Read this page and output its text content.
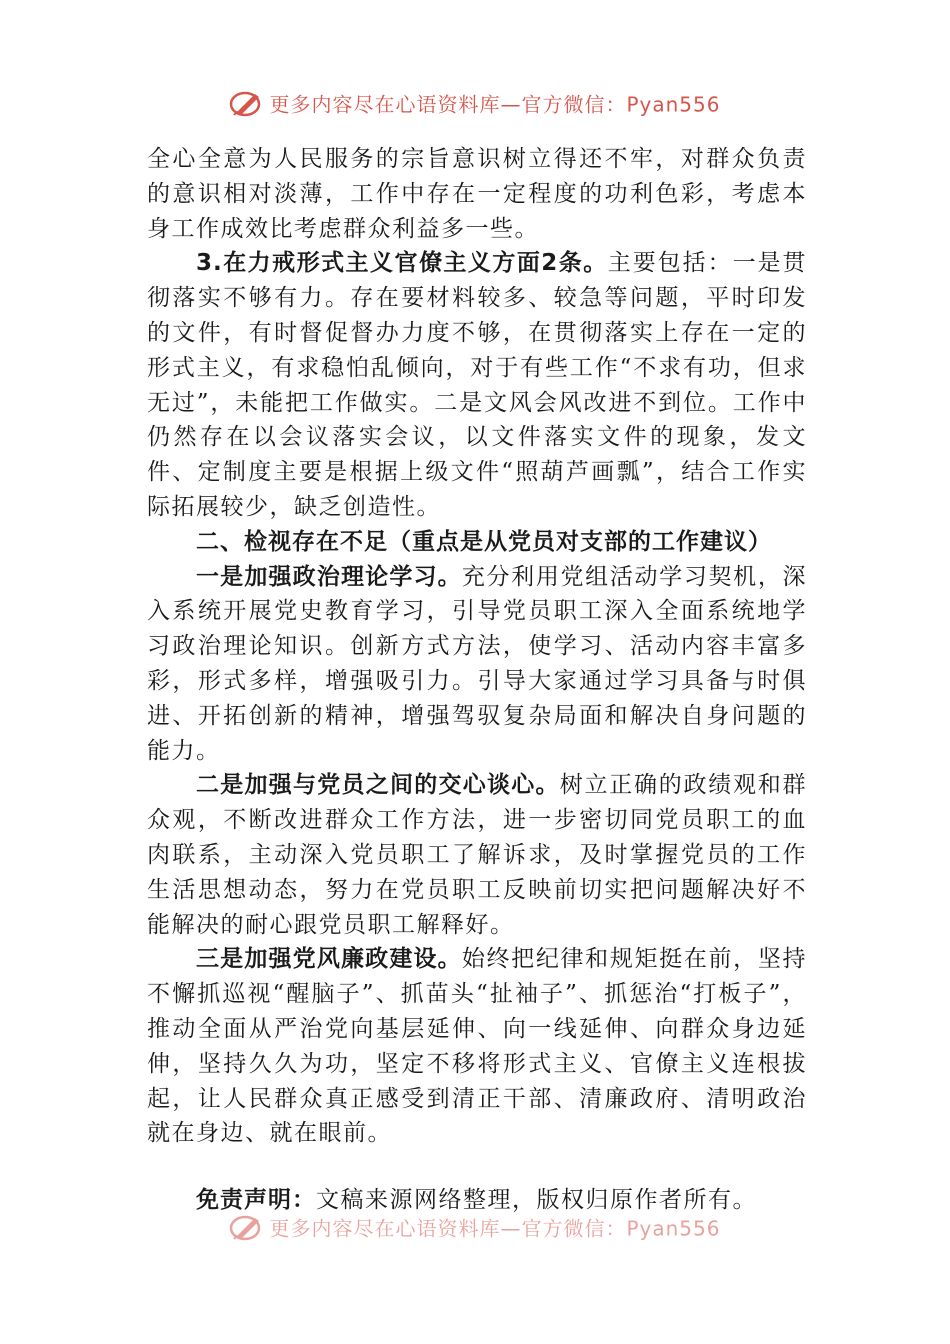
更多内容尽在心语资料库—官方微信：Pyan556

全心全意为人民服务的宗旨意识树立得还不牢，对群众负责的意识相对淡薄，工作中存在一定程度的功利色彩，考虑本身工作成效比考虑群众利益多一些。

3.在力戒形式主义官僚主义方面2条。主要包括：一是贯彻落实不够有力。存在要材料较多、较急等问题，平时印发的文件，有时督促督办力度不够，在贯彻落实上存在一定的形式主义，有求稳怕乱倾向，对于有些工作“不求有功，但求无过”，未能把工作做实。二是文风会风改进不到位。工作中仍然存在以会议落实会议，以文件落实文件的现象，发文件、定制度主要是根据上级文件“照葫芦画瓢”，结合工作实际拓展较少，缺乏创造性。

二、检视存在不足（重点是从党员对支部的工作建议）

一是加强政治理论学习。充分利用党组活动学习契机，深入系统开展党史教育学习，引导党员职工深入全面系统地学习政治理论知识。创新方式方法，使学习、活动内容丰富多彩，形式多样，增强吸引力。引导大家通过学习具备与时俱进、开拓创新的精神，增强驾驭复杂局面和解决自身问题的能力。

二是加强与党员之间的交心谈心。树立正确的政绩观和群众观，不断改进群众工作方法，进一步密切同党员职工的血肉联系，主动深入党员职工了解诉求，及时掌握党员的工作生活思想动态，努力在党员职工反映前切实把问题解决好不能解决的耐心跟党员职工解释好。

三是加强党风廉政建设。始终把纪律和规矩挺在前，坚持不懈抓巡视“醒脑子”、抓苗头“扯袖子”、抓惩治“打板子”，推动全面从严治党向基层延伸、向一线延伸、向群众身边延伸，坚持久久为功，坚定不移将形式主义、官僚主义连根拔起，让人民群众真正感受到清正干部、清廉政府、清明政治就在身边、就在眼前。

免责声明：文稿来源网络整理，版权归原作者所有。
更多内容尽在心语资料库—官方微信：Pyan556
